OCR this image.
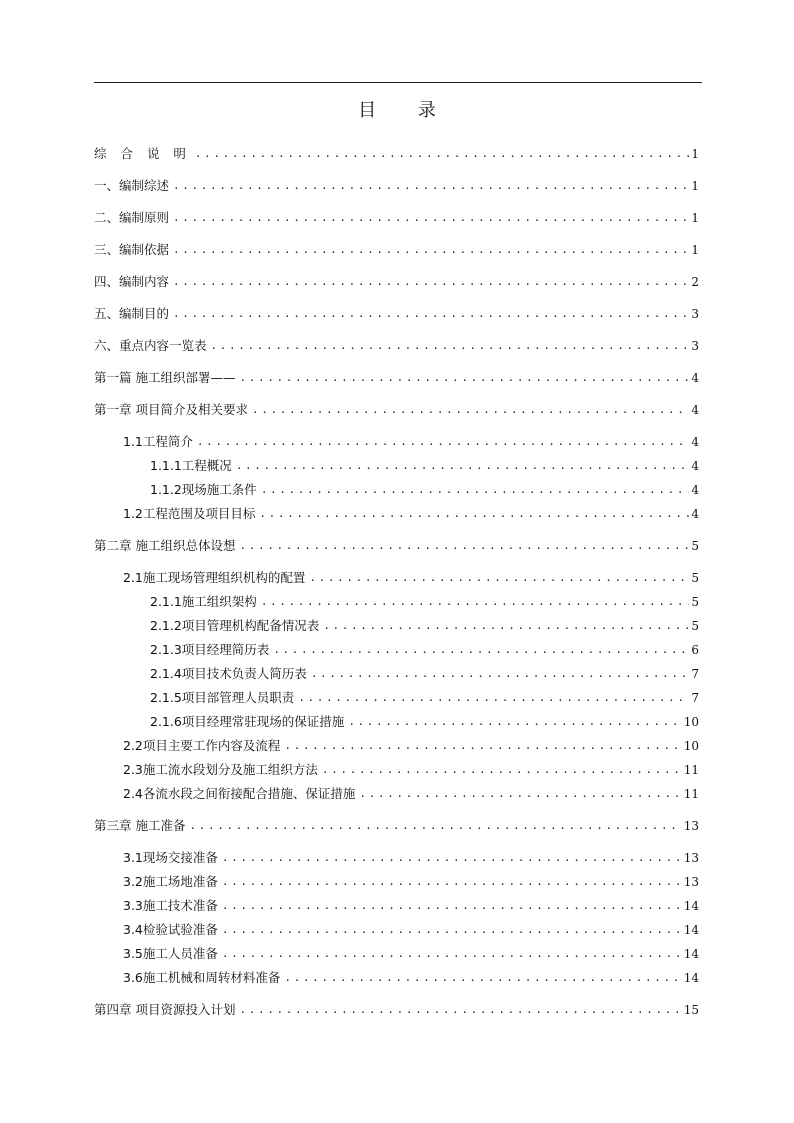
目 录
综 合 说 明 . . .	1
一、编制综述 . . .	1
二、编制原则 . . .	1
三、编制依据 . . .	1
四、编制内容 . . .	2
五、编制目的 . . .	3
六、重点内容一览表 . . .	3
第一篇 施工组织部署—— . . .	4
第一章 项目简介及相关要求 . . .	4
1.1工程简介 . . .	4
1.1.1工程概况 . . .	4
1.1.2现场施工条件 . . .	4
1.2工程范围及项目目标 . . .	4
第二章 施工组织总体设想 . . .	5
2.1施工现场管理组织机构的配置 . . .	5
2.1.1施工组织架构 . . .	5
2.1.2项目管理机构配备情况表 . . .	5
2.1.3项目经理简历表 . . .	6
2.1.4项目技术负责人简历表 . . .	7
2.1.5项目部管理人员职责 . . .	7
2.1.6项目经理常驻现场的保证措施 . . .	10
2.2项目主要工作内容及流程 . . .	10
2.3施工流水段划分及施工组织方法 . . .	11
2.4各流水段之间衔接配合措施、保证措施 . . .	11
第三章 施工准备 . . .	13
3.1现场交接准备 . . .	13
3.2施工场地准备 . . .	13
3.3施工技术准备 . . .	14
3.4检验试验准备 . . .	14
3.5施工人员准备 . . .	14
3.6施工机械和周转材料准备 . . .	14
第四章 项目资源投入计划 . . .	15
